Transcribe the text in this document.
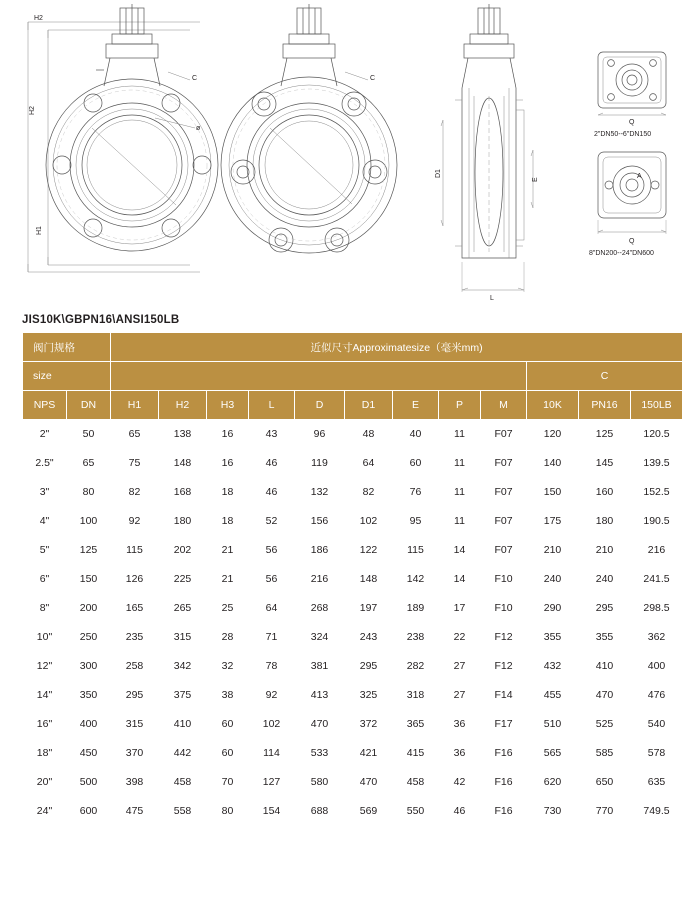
H2
H2
H1
C
ø
C
D1
E
L
Q
Q
A
2"DN50--6"DN150
8"DN200--24"DN600
JIS10K\GBPN16\ANSI150LB
阀门规格		近似尺寸Approximatesize（毫米mm)											

size											C		
NPS	DN	H1	H2	H3	L	D	D1	E	P	M	10K	PN16	150LB
2"	50	65	138	16	43	96	48	40	11	F07	120	125	120.5
2.5"	65	75	148	16	46	119	64	60	11	F07	140	145	139.5
3"	80	82	168	18	46	132	82	76	11	F07	150	160	152.5
4"	100	92	180	18	52	156	102	95	11	F07	175	180	190.5
5"	125	115	202	21	56	186	122	115	14	F07	210	210	216
6"	150	126	225	21	56	216	148	142	14	F10	240	240	241.5
8"	200	165	265	25	64	268	197	189	17	F10	290	295	298.5
10"	250	235	315	28	71	324	243	238	22	F12	355	355	362
12"	300	258	342	32	78	381	295	282	27	F12	432	410	400
14"	350	295	375	38	92	413	325	318	27	F14	455	470	476
16"	400	315	410	60	102	470	372	365	36	F17	510	525	540
18"	450	370	442	60	114	533	421	415	36	F16	565	585	578
20"	500	398	458	70	127	580	470	458	42	F16	620	650	635
24"	600	475	558	80	154	688	569	550	46	F16	730	770	749.5
